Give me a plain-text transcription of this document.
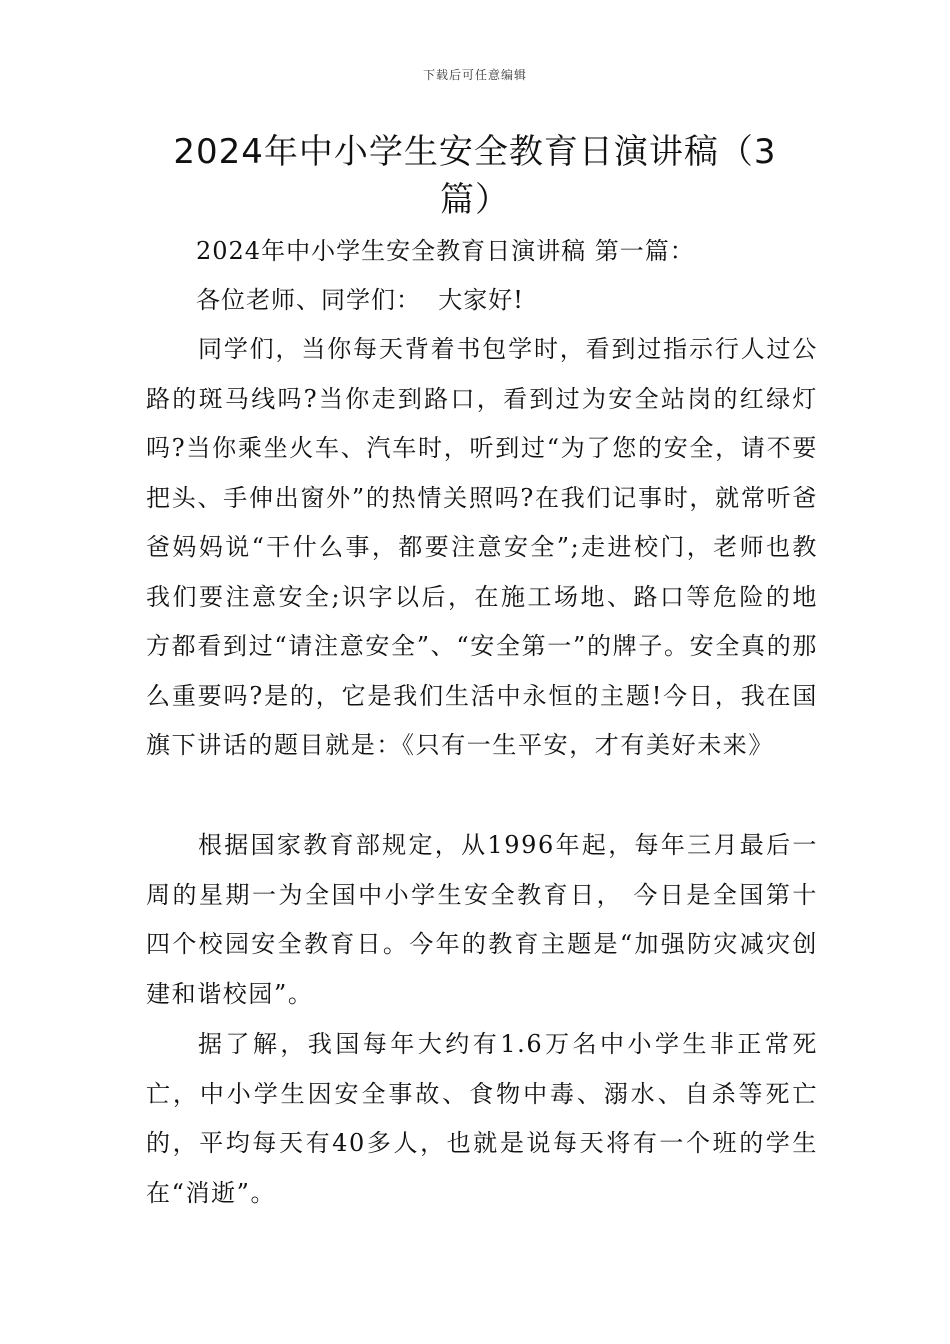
下载后可任意编辑
2024年中小学生安全教育日演讲稿（3篇）
2024年中小学生安全教育日演讲稿 第一篇：
各位老师、同学们：  大家好!

同学们，当你每天背着书包学时，看到过指示行人过公路的斑马线吗?当你走到路口，看到过为安全站岗的红绿灯吗?当你乘坐火车、汽车时，听到过“为了您的安全，请不要把头、手伸出窗外”的热情关照吗?在我们记事时，就常听爸爸妈妈说“干什么事，都要注意安全”;走进校门，老师也教我们要注意安全;识字以后，在施工场地、路口等危险的地方都看到过“请注意安全”、“安全第一”的牌子。安全真的那么重要吗?是的，它是我们生活中永恒的主题!今日，我在国旗下讲话的题目就是：《只有一生平安，才有美好未来》

根据国家教育部规定，从1996年起，每年三月最后一周的星期一为全国中小学生安全教育日， 今日是全国第十四个校园安全教育日。今年的教育主题是“加强防灾减灾创建和谐校园”。

据了解，我国每年大约有1.6万名中小学生非正常死亡，中小学生因安全事故、食物中毒、溺水、自杀等死亡的，平均每天有40多人，也就是说每天将有一个班的学生在“消逝”。
